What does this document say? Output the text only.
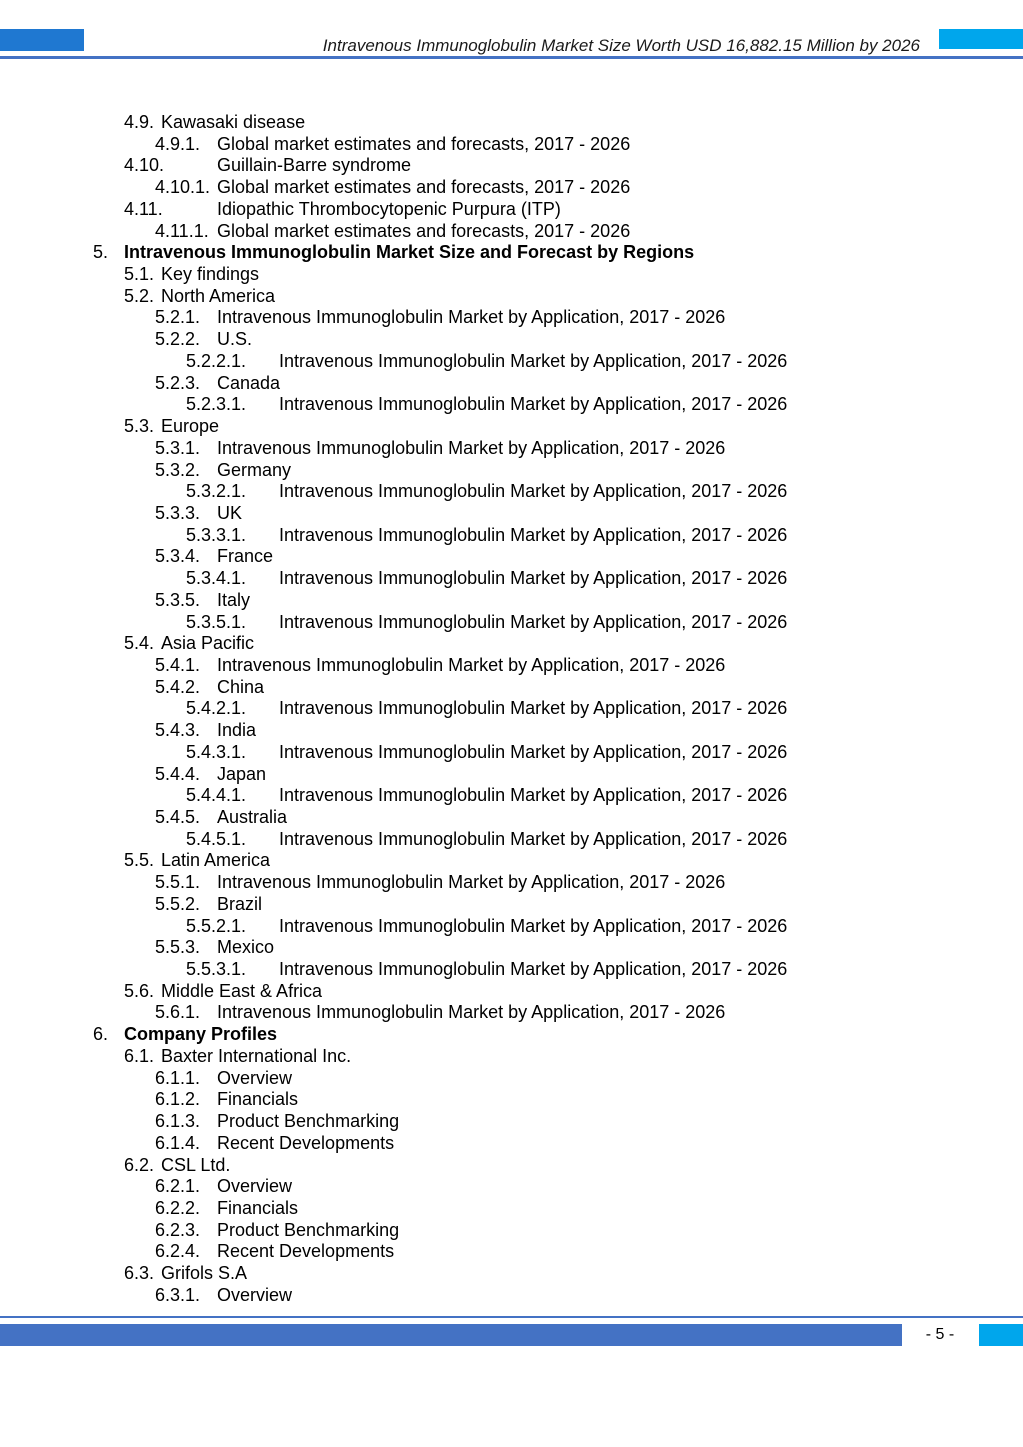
Intravenous Immunoglobulin Market Size Worth USD 16,882.15 Million by 2026
4.9. Kawasaki disease
4.9.1. Global market estimates and forecasts, 2017 - 2026
4.10.	Guillain-Barre syndrome
4.10.1. Global market estimates and forecasts, 2017 - 2026
4.11.	Idiopathic Thrombocytopenic Purpura (ITP)
4.11.1. Global market estimates and forecasts, 2017 - 2026
5. Intravenous Immunoglobulin Market Size and Forecast by Regions
5.1. Key findings
5.2. North America
5.2.1. Intravenous Immunoglobulin Market by Application, 2017 - 2026
5.2.2. U.S.
5.2.2.1. Intravenous Immunoglobulin Market by Application, 2017 - 2026
5.2.3. Canada
5.2.3.1. Intravenous Immunoglobulin Market by Application, 2017 - 2026
5.3. Europe
5.3.1. Intravenous Immunoglobulin Market by Application, 2017 - 2026
5.3.2. Germany
5.3.2.1. Intravenous Immunoglobulin Market by Application, 2017 - 2026
5.3.3. UK
5.3.3.1. Intravenous Immunoglobulin Market by Application, 2017 - 2026
5.3.4. France
5.3.4.1. Intravenous Immunoglobulin Market by Application, 2017 - 2026
5.3.5. Italy
5.3.5.1. Intravenous Immunoglobulin Market by Application, 2017 - 2026
5.4. Asia Pacific
5.4.1. Intravenous Immunoglobulin Market by Application, 2017 - 2026
5.4.2. China
5.4.2.1. Intravenous Immunoglobulin Market by Application, 2017 - 2026
5.4.3. India
5.4.3.1. Intravenous Immunoglobulin Market by Application, 2017 - 2026
5.4.4. Japan
5.4.4.1. Intravenous Immunoglobulin Market by Application, 2017 - 2026
5.4.5. Australia
5.4.5.1. Intravenous Immunoglobulin Market by Application, 2017 - 2026
5.5. Latin America
5.5.1. Intravenous Immunoglobulin Market by Application, 2017 - 2026
5.5.2. Brazil
5.5.2.1. Intravenous Immunoglobulin Market by Application, 2017 - 2026
5.5.3. Mexico
5.5.3.1. Intravenous Immunoglobulin Market by Application, 2017 - 2026
5.6. Middle East & Africa
5.6.1. Intravenous Immunoglobulin Market by Application, 2017 - 2026
6. Company Profiles
6.1. Baxter International Inc.
6.1.1. Overview
6.1.2. Financials
6.1.3. Product Benchmarking
6.1.4. Recent Developments
6.2. CSL Ltd.
6.2.1. Overview
6.2.2. Financials
6.2.3. Product Benchmarking
6.2.4. Recent Developments
6.3. Grifols S.A
6.3.1. Overview
- 5 -
